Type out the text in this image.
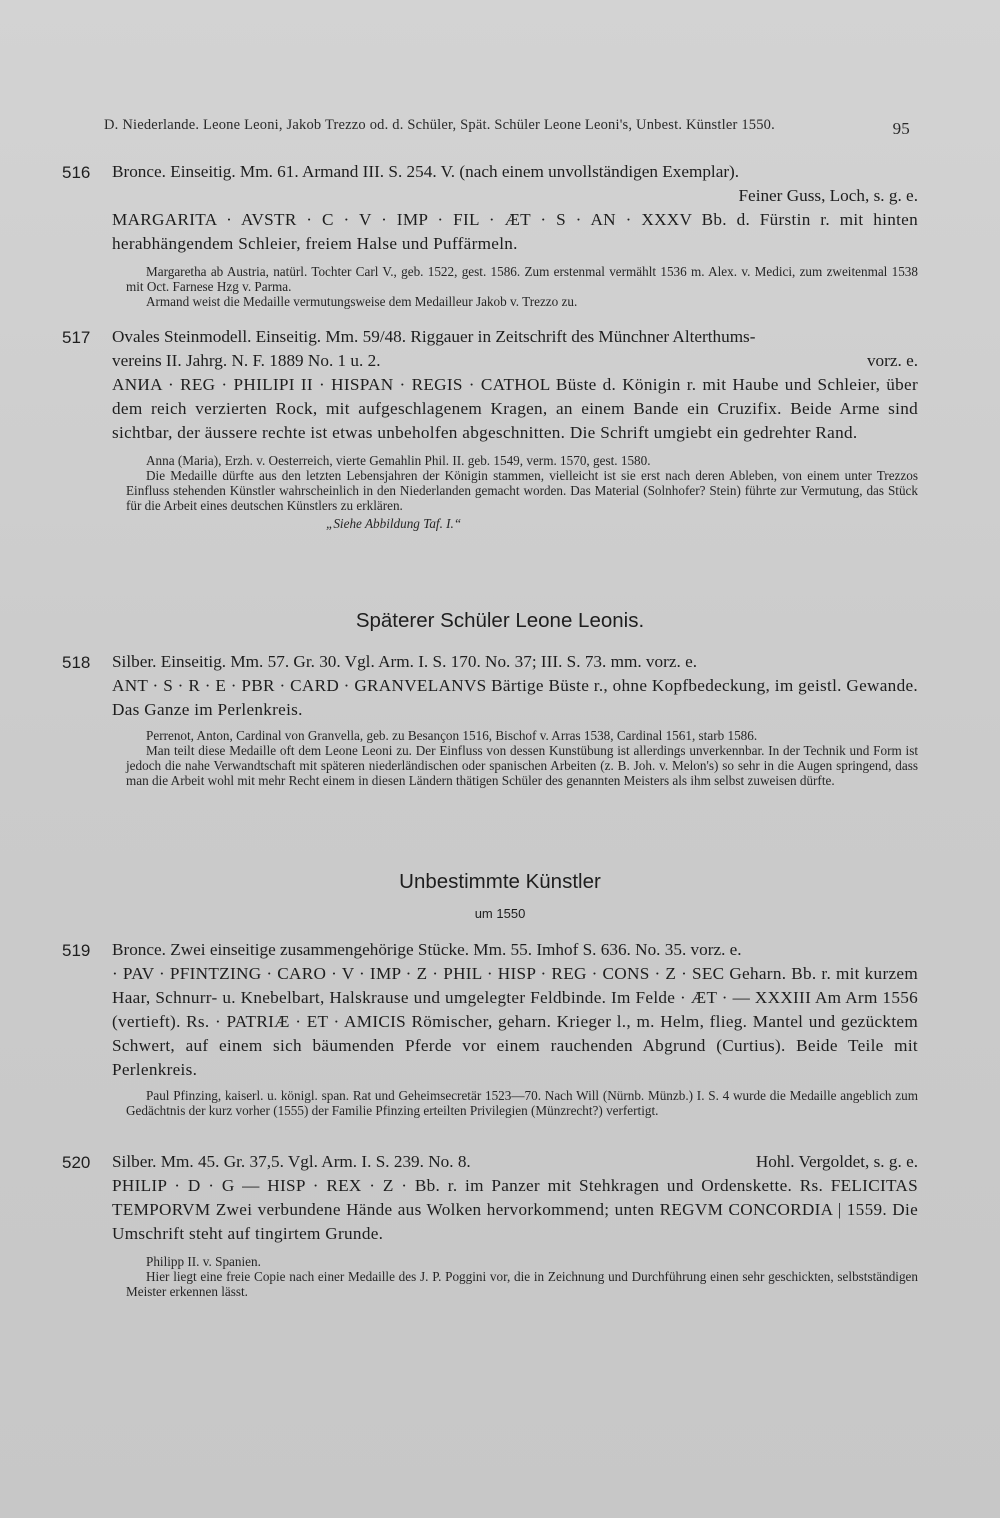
D. Niederlande. Leone Leoni, Jakob Trezzo od. d. Schüler, Spät. Schüler Leone Leoni's, Unbest. Künstler 1550.	95
516	Bronce. Einseitig. Mm. 61. Armand III. S. 254. V. (nach einem unvollständigen Exemplar).

Feiner Guss, Loch, s. g. e.

MARGARITA · AVSTR · C · V · IMP · FIL · ÆT · S · AN · XXXV Bb. d. Fürstin r. mit hinten herabhängendem Schleier, freiem Halse und Puffärmeln.

Margaretha ab Austria, natürl. Tochter Carl V., geb. 1522, gest. 1586. Zum erstenmal vermählt 1536 m. Alex. v. Medici, zum zweitenmal 1538 mit Oct. Farnese Hzg v. Parma.

Armand weist die Medaille vermutungsweise dem Medailleur Jakob v. Trezzo zu.

517	Ovales Steinmodell. Einseitig. Mm. 59/48. Riggauer in Zeitschrift des Münchner Alterthums-

vereins II. Jahrg. N. F. 1889 No. 1 u. 2.	vorz. e.

ANИA · REG · PHILIPI II · HISPAN · REGIS · CATHOL Büste d. Königin r. mit Haube und Schleier, über dem reich verzierten Rock, mit aufgeschlagenem Kragen, an einem Bande ein Cruzifix. Beide Arme sind sichtbar, der äussere rechte ist etwas unbeholfen abgeschnitten. Die Schrift umgiebt ein gedrehter Rand.

Anna (Maria), Erzh. v. Oesterreich, vierte Gemahlin Phil. II. geb. 1549, verm. 1570, gest. 1580.

Die Medaille dürfte aus den letzten Lebensjahren der Königin stammen, vielleicht ist sie erst nach deren Ableben, von einem unter Trezzos Einfluss stehenden Künstler wahrscheinlich in den Niederlanden gemacht worden. Das Material (Solnhofer? Stein) führte zur Vermutung, das Stück für die Arbeit eines deutschen Künstlers zu erklären.

„Siehe Abbildung Taf. I.“

Späterer Schüler Leone Leonis.
518	Silber. Einseitig. Mm. 57. Gr. 30. Vgl. Arm. I. S. 170. No. 37; III. S. 73. mm. vorz. e.

ANT · S · R · E · PBR · CARD · GRANVELANVS Bärtige Büste r., ohne Kopfbedeckung, im geistl. Gewande. Das Ganze im Perlenkreis.

Perrenot, Anton, Cardinal von Granvella, geb. zu Besançon 1516, Bischof v. Arras 1538, Cardinal 1561, starb 1586.

Man teilt diese Medaille oft dem Leone Leoni zu. Der Einfluss von dessen Kunstübung ist allerdings unverkennbar. In der Technik und Form ist jedoch die nahe Verwandtschaft mit späteren niederländischen oder spanischen Arbeiten (z. B. Joh. v. Melon's) so sehr in die Augen springend, dass man die Arbeit wohl mit mehr Recht einem in diesen Ländern thätigen Schüler des genannten Meisters als ihm selbst zuweisen dürfte.

Unbestimmte Künstler
um 1550
519	Bronce. Zwei einseitige zusammengehörige Stücke. Mm. 55. Imhof S. 636. No. 35. vorz. e.

· PAV · PFINTZING · CARO · V · IMP · Z · PHIL · HISP · REG · CONS · Z · SEC Geharn. Bb. r. mit kurzem Haar, Schnurr- u. Knebelbart, Halskrause und umgelegter Feldbinde. Im Felde · ÆT · — XXXIII Am Arm 1556 (vertieft). Rs. · PATRIÆ · ET · AMICIS Römischer, geharn. Krieger l., m. Helm, flieg. Mantel und gezücktem Schwert, auf einem sich bäumenden Pferde vor einem rauchenden Abgrund (Curtius). Beide Teile mit Perlenkreis.

Paul Pfinzing, kaiserl. u. königl. span. Rat und Geheimsecretär 1523—70. Nach Will (Nürnb. Münzb.) I. S. 4 wurde die Medaille angeblich zum Gedächtnis der kurz vorher (1555) der Familie Pfinzing erteilten Privilegien (Münzrecht?) verfertigt.

520	Silber. Mm. 45. Gr. 37,5. Vgl. Arm. I. S. 239. No. 8.	Hohl. Vergoldet, s. g. e.

PHILIP · D · G — HISP · REX · Z · Bb. r. im Panzer mit Stehkragen und Ordenskette. Rs. FELICITAS TEMPORVM Zwei verbundene Hände aus Wolken hervorkommend; unten REGVM CONCORDIA | 1559. Die Umschrift steht auf tingirtem Grunde.

Philipp II. v. Spanien.

Hier liegt eine freie Copie nach einer Medaille des J. P. Poggini vor, die in Zeichnung und Durchführung einen sehr geschickten, selbstständigen Meister erkennen lässt.
